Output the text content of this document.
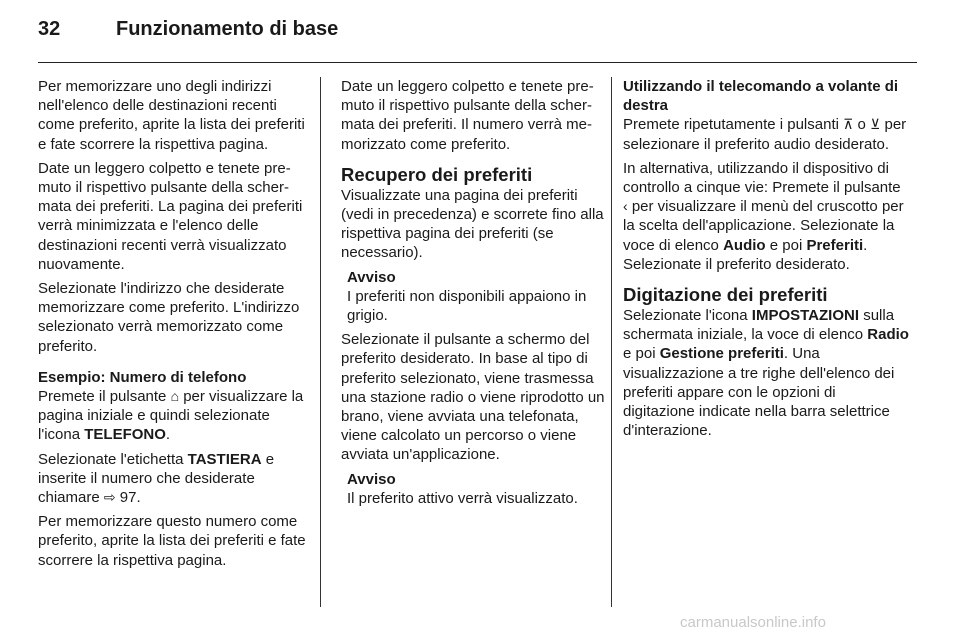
32	Funzionamento di base

Per memorizzare uno degli indirizzi nell'elenco delle destinazioni recenti come preferito, aprite la lista dei preferiti e fate scorrere la rispettiva pagina.

Date un leggero colpetto e tenete premuto il rispettivo pulsante della schermata dei preferiti. La pagina dei preferiti verrà minimizzata e l'elenco delle destinazioni recenti verrà visualizzato nuovamente.

Selezionate l'indirizzo che desiderate memorizzare come preferito. L'indirizzo selezionato verrà memorizzato come preferito.

Esempio: Numero di telefono

Premete il pulsante ⌂ per visualizzare la pagina iniziale e quindi selezionate l'icona TELEFONO.

Selezionate l'etichetta TASTIERA e inserite il numero che desiderate chiamare ⇨ 97.

Per memorizzare questo numero come preferito, aprite la lista dei preferiti e fate scorrere la rispettiva pagina.

Date un leggero colpetto e tenete premuto il rispettivo pulsante della schermata dei preferiti. Il numero verrà memorizzato come preferito.

Recupero dei preferiti

Visualizzate una pagina dei preferiti (vedi in precedenza) e scorrete fino alla rispettiva pagina dei preferiti (se necessario).

Avviso
I preferiti non disponibili appaiono in grigio.

Selezionate il pulsante a schermo del preferito desiderato. In base al tipo di preferito selezionato, viene trasmessa una stazione radio o viene riprodotto un brano, viene avviata una telefonata, viene calcolato un percorso o viene avviata un'applicazione.

Avviso
Il preferito attivo verrà visualizzato.

Utilizzando il telecomando a volante di destra

Premete ripetutamente i pulsanti ⊼ o ⊻ per selezionare il preferito audio desiderato.

In alternativa, utilizzando il dispositivo di controllo a cinque vie: Premete il pulsante ‹ per visualizzare il menù del cruscotto per la scelta dell'applicazione. Selezionate la voce di elenco Audio e poi Preferiti. Selezionate il preferito desiderato.

Digitazione dei preferiti

Selezionate l'icona IMPOSTAZIONI sulla schermata iniziale, la voce di elenco Radio e poi Gestione preferiti. Una visualizzazione a tre righe dell'elenco dei preferiti appare con le opzioni di digitazione indicate nella barra selettrice d'interazione.

carmanualsonline.info
